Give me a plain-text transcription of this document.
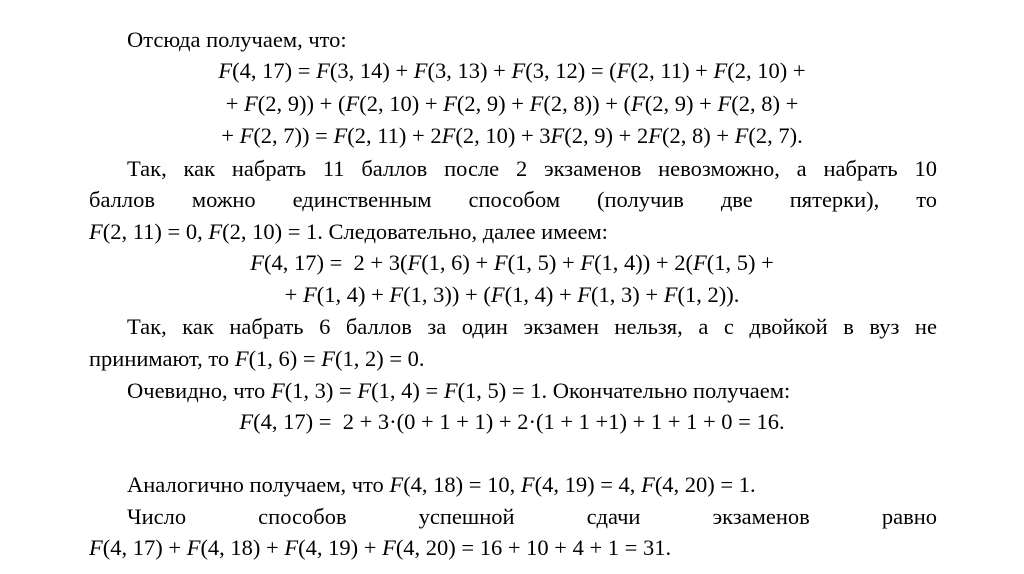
Отсюда получаем, что:
F(4, 17) = F(3, 14) + F(3, 13) + F(3, 12) = (F(2, 11) + F(2, 10) +
+ F(2, 9)) + (F(2, 10) + F(2, 9) + F(2, 8)) + (F(2, 9) + F(2, 8) +
+ F(2, 7)) = F(2, 11) + 2F(2, 10) + 3F(2, 9) + 2F(2, 8) + F(2, 7).
Так, как набрать 11 баллов после 2 экзаменов невозможно, а набрать 10
баллов можно единственным способом (получив две пятерки), то
F(2, 11) = 0, F(2, 10) = 1. Следовательно, далее имеем:
F(4, 17) =  2 + 3(F(1, 6) + F(1, 5) + F(1, 4)) + 2(F(1, 5) +
+ F(1, 4) + F(1, 3)) + (F(1, 4) + F(1, 3) + F(1, 2)).
Так, как набрать 6 баллов за один экзамен нельзя, а с двойкой в вуз не
принимают, то F(1, 6) = F(1, 2) = 0.
Очевидно, что F(1, 3) = F(1, 4) = F(1, 5) = 1. Окончательно получаем:
F(4, 17) =  2 + 3·(0 + 1 + 1) + 2·(1 + 1 +1) + 1 + 1 + 0 = 16.
Аналогично получаем, что F(4, 18) = 10, F(4, 19) = 4, F(4, 20) = 1.
Число	способов	успешной	сдачи	экзаменов	равно
F(4, 17) + F(4, 18) + F(4, 19) + F(4, 20) = 16 + 10 + 4 + 1 = 31.
